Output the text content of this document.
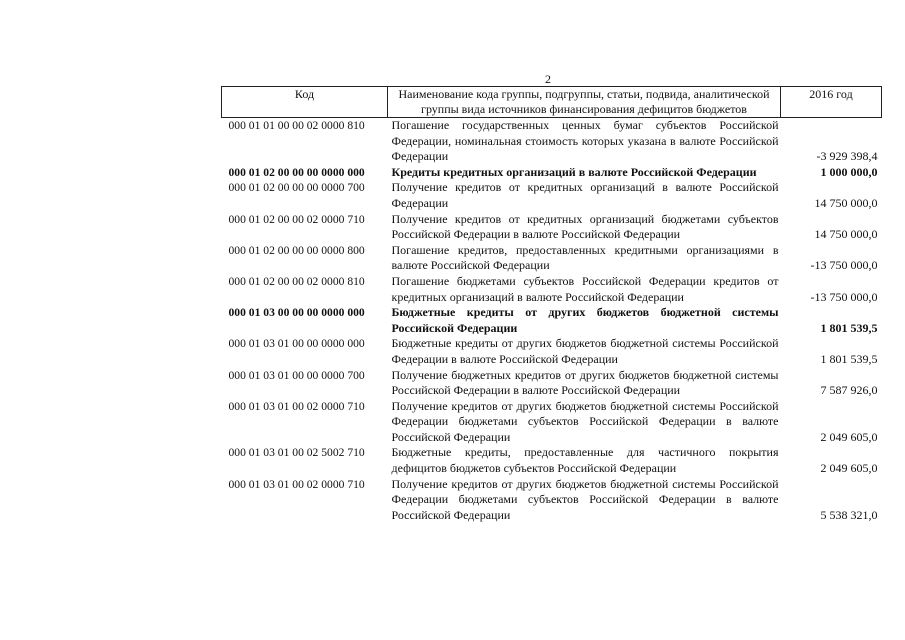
2
Код	Наименование кода группы, подгруппы, статьи, подвида, аналитической группы вида источников финансирования дефицитов бюджетов	2016 год
000 01 01 00 00 02 0000 810	Погашение государственных ценных бумаг субъектов Российской Федерации, номинальная стоимость которых указана в валюте Российской Федерации	-3 929 398,4
000 01 02 00 00 00 0000 000	Кредиты кредитных организаций в валюте Российской Федерации	1 000 000,0
000 01 02 00 00 00 0000 700	Получение кредитов от кредитных организаций в валюте Российской Федерации	14 750 000,0
000 01 02 00 00 02 0000 710	Получение кредитов от кредитных организаций бюджетами субъектов Российской Федерации в валюте Российской Федерации	14 750 000,0
000 01 02 00 00 00 0000 800	Погашение кредитов, предоставленных кредитными организациями в валюте Российской Федерации	-13 750 000,0
000 01 02 00 00 02 0000 810	Погашение бюджетами субъектов Российской Федерации кредитов от кредитных организаций в валюте Российской Федерации	-13 750 000,0
000 01 03 00 00 00 0000 000	Бюджетные кредиты от других бюджетов бюджетной системы Российской Федерации	1 801 539,5
000 01 03 01 00 00 0000 000	Бюджетные кредиты от других бюджетов бюджетной системы Российской Федерации в валюте Российской Федерации	1 801 539,5
000 01 03 01 00 00 0000 700	Получение бюджетных кредитов от других бюджетов бюджетной системы Российской Федерации в валюте Российской Федерации	7 587 926,0
000 01 03 01 00 02 0000 710	Получение кредитов от других бюджетов бюджетной системы Российской Федерации бюджетами субъектов Российской Федерации в валюте Российской Федерации	2 049 605,0
000 01 03 01 00 02 5002 710	Бюджетные кредиты, предоставленные для частичного покрытия дефицитов бюджетов субъектов Российской Федерации	2 049 605,0
000 01 03 01 00 02 0000 710	Получение кредитов от других бюджетов бюджетной системы Российской Федерации бюджетами субъектов Российской Федерации в валюте Российской Федерации	5 538 321,0
